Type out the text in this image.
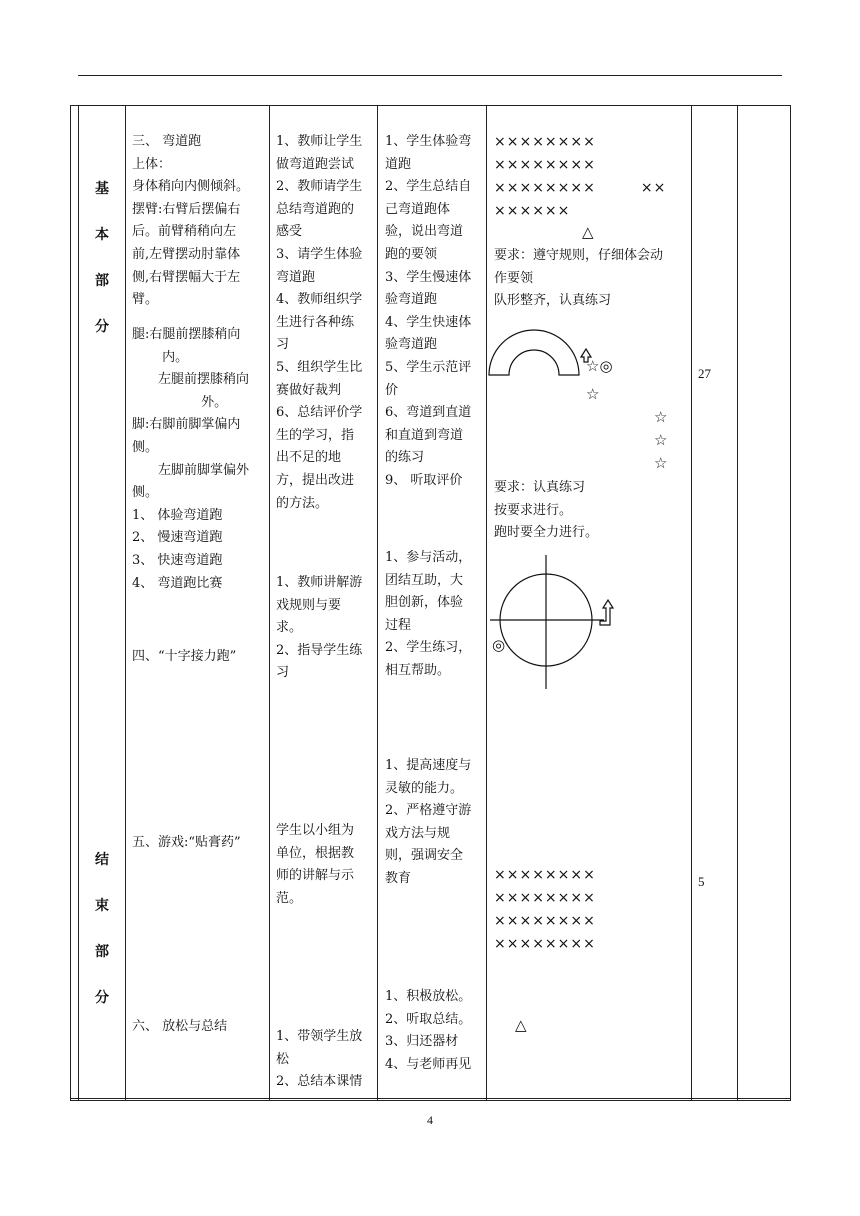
基
本
部
分
结
束
部
分
三、 弯道跑
上体：
身体稍向内侧倾斜。
摆臂:右臂后摆偏右
后。前臂稍稍向左
前,左臂摆动肘靠体
侧,右臂摆幅大于左
臂。
腿:右腿前摆膝稍向
　　 内。
　　左腿前摆膝稍向
　　　　　 外。
脚:右脚前脚掌偏内
侧。
　　左脚前脚掌偏外
侧。
1、 体验弯道跑
2、 慢速弯道跑
3、 快速弯道跑
4、 弯道跑比赛
四、“十字接力跑”
五、游戏:“贴膏药”
六、 放松与总结
1、教师让学生
做弯道跑尝试
2、教师请学生
总结弯道跑的
感受
3、请学生体验
弯道跑
4、教师组织学
生进行各种练
习
5、组织学生比
赛做好裁判
6、总结评价学
生的学习，指
出不足的地
方，提出改进
的方法。
1、教师讲解游
戏规则与要
求。
2、指导学生练
习
学生以小组为
单位，根据教
师的讲解与示
范。
1、带领学生放
松
2、总结本课情
1、学生体验弯
道跑
2、学生总结自
己弯道跑体
验，说出弯道
跑的要领
3、学生慢速体
验弯道跑
4、学生快速体
验弯道跑
5、学生示范评
价
6、弯道到直道
和直道到弯道
的练习
9、 听取评价
1、参与活动，
团结互助，大
胆创新，体验
过程
2、学生练习，
相互帮助。
1、提高速度与
灵敏的能力。
2、严格遵守游
戏方法与规
则，强调安全
教育
1、积极放松。
2、听取总结。
3、归还器材
4、与老师再见
××××××××
××××××××
××××××××　　　××
××××××
△
要求：遵守规则，仔细体会动
作要领
队形整齐，认真练习
☆◎
☆
☆
☆
☆
要求：认真练习
按要求进行。
跑时要全力进行。
◎
××××××××
××××××××
××××××××
××××××××
△
27
5
4
